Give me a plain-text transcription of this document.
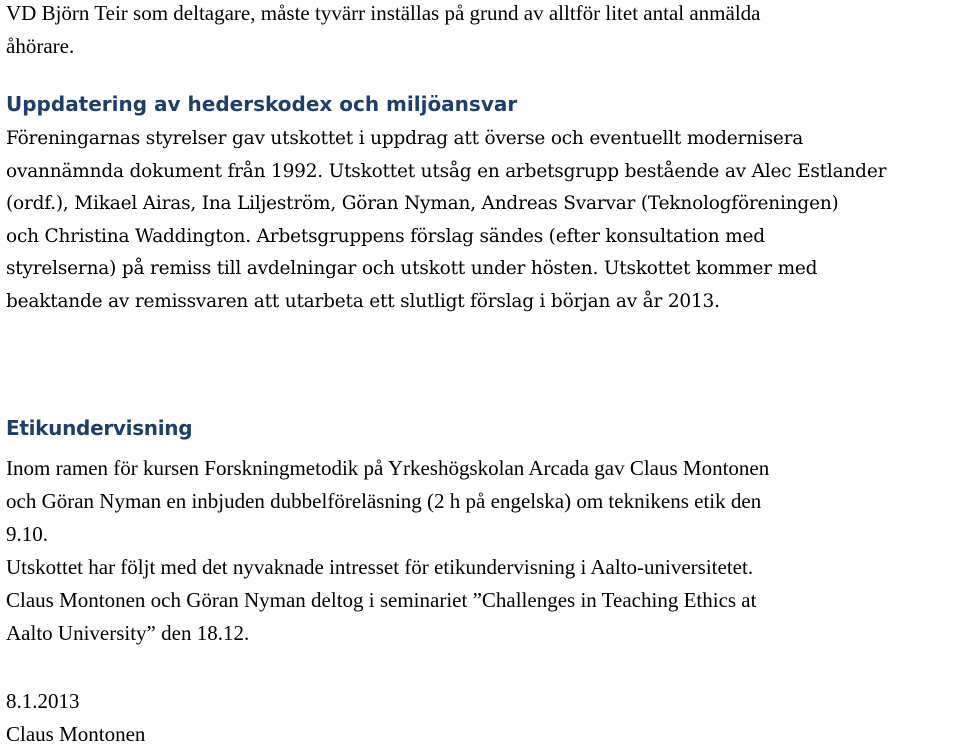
VD Björn Teir som deltagare, måste tyvärr inställas på grund av alltför litet antal anmälda
åhörare.
Uppdatering av hederskodex och miljöansvar
Föreningarnas styrelser gav utskottet i uppdrag att överse och eventuellt modernisera
ovannämnda dokument från 1992. Utskottet utsåg en arbetsgrupp bestående av Alec Estlander
(ordf.), Mikael Airas, Ina Liljeström, Göran Nyman, Andreas Svarvar (Teknologföreningen)
och Christina Waddington. Arbetsgruppens förslag sändes (efter konsultation med
styrelserna) på remiss till avdelningar och utskott under hösten. Utskottet kommer med
beaktande av remissvaren att utarbeta ett slutligt förslag i början av år 2013.
Etikundervisning
Inom ramen för kursen Forskningmetodik på Yrkeshögskolan Arcada gav Claus Montonen
och Göran Nyman en inbjuden dubbelföreläsning (2 h på engelska) om teknikens etik den
9.10.
Utskottet har följt med det nyvaknade intresset för etikundervisning i Aalto-universitetet.
Claus Montonen och Göran Nyman deltog i seminariet ”Challenges in Teaching Ethics at
Aalto University” den 18.12.
8.1.2013
Claus Montonen
